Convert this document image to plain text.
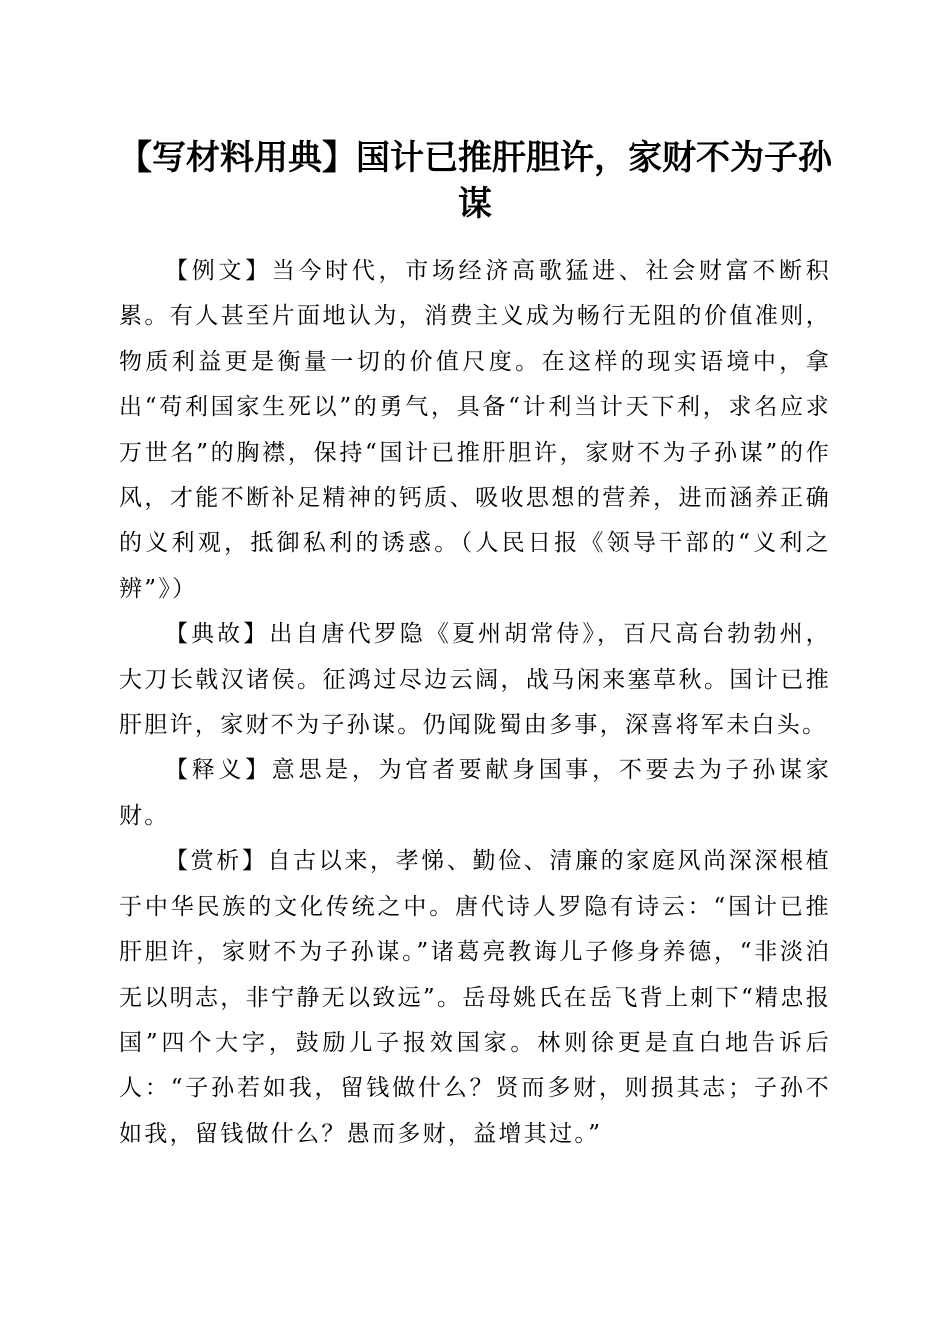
【写材料用典】国计已推肝胆许，家财不为子孙谋

【例文】当今时代，市场经济高歌猛进、社会财富不断积累。有人甚至片面地认为，消费主义成为畅行无阻的价值准则，物质利益更是衡量一切的价值尺度。在这样的现实语境中，拿出“苟利国家生死以”的勇气，具备“计利当计天下利，求名应求万世名”的胸襟，保持“国计已推肝胆许，家财不为子孙谋”的作风，才能不断补足精神的钙质、吸收思想的营养，进而涵养正确的义利观，抵御私利的诱惑。（人民日报《领导干部的“义利之辨”》）

【典故】出自唐代罗隐《夏州胡常侍》，百尺高台勃勃州，大刀长戟汉诸侯。征鸿过尽边云阔，战马闲来塞草秋。国计已推肝胆许，家财不为子孙谋。仍闻陇蜀由多事，深喜将军未白头。

【释义】意思是，为官者要献身国事，不要去为子孙谋家财。

【赏析】自古以来，孝悌、勤俭、清廉的家庭风尚深深根植于中华民族的文化传统之中。唐代诗人罗隐有诗云：“国计已推肝胆许，家财不为子孙谋。”诸葛亮教诲儿子修身养德，“非淡泊无以明志，非宁静无以致远”。岳母姚氏在岳飞背上刺下“精忠报国”四个大字，鼓励儿子报效国家。林则徐更是直白地告诉后人：“子孙若如我，留钱做什么？贤而多财，则损其志；子孙不如我，留钱做什么？愚而多财，益增其过。”
